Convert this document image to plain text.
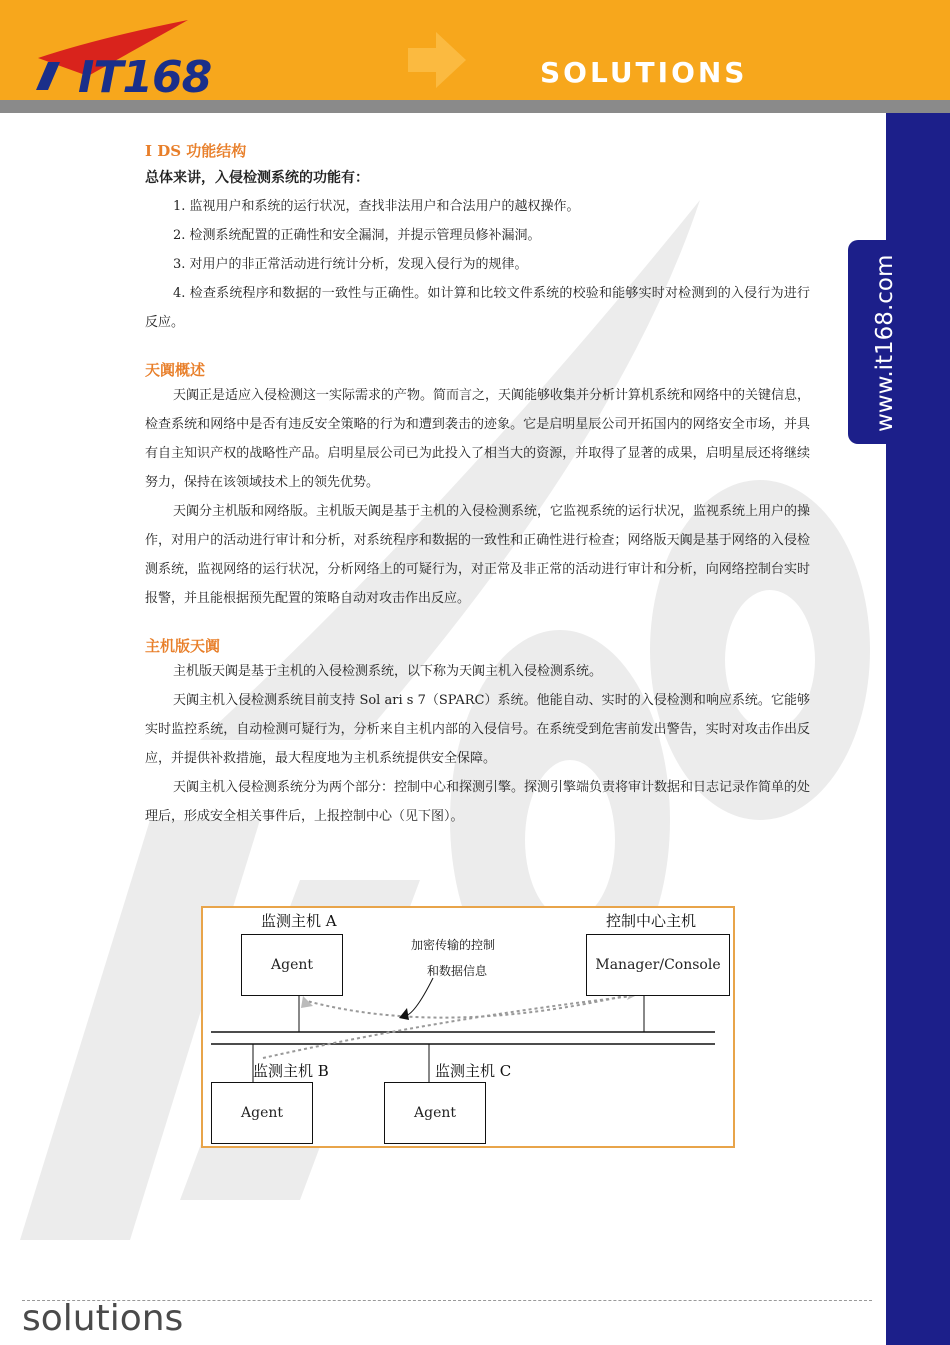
IT168	SOLUTIONS
www.it168.com
I DS 功能结构
总体来讲，入侵检测系统的功能有：

1. 监视用户和系统的运行状况，查找非法用户和合法用户的越权操作。

2. 检测系统配置的正确性和安全漏洞，并提示管理员修补漏洞。

3. 对用户的非正常活动进行统计分析，发现入侵行为的规律。

4. 检查系统程序和数据的一致性与正确性。如计算和比较文件系统的校验和能够实时对检测到的入侵行为进行反应。

天阗概述

天阗正是适应入侵检测这一实际需求的产物。简而言之，天阗能够收集并分析计算机系统和网络中的关键信息，检查系统和网络中是否有违反安全策略的行为和遭到袭击的迹象。它是启明星辰公司开拓国内的网络安全市场，并具有自主知识产权的战略性产品。启明星辰公司已为此投入了相当大的资源，并取得了显著的成果，启明星辰还将继续努力，保持在该领域技术上的领先优势。

天阗分主机版和网络版。主机版天阗是基于主机的入侵检测系统，它监视系统的运行状况，监视系统上用户的操作，对用户的活动进行审计和分析，对系统程序和数据的一致性和正确性进行检查；网络版天阗是基于网络的入侵检测系统，监视网络的运行状况，分析网络上的可疑行为，对正常及非正常的活动进行审计和分析，向网络控制台实时报警，并且能根据预先配置的策略自动对攻击作出反应。

主机版天阗

主机版天阗是基于主机的入侵检测系统，以下称为天阗主机入侵检测系统。

天阗主机入侵检测系统目前支持 Sol ari s 7（SPARC）系统。他能自动、实时的入侵检测和响应系统。它能够实时监控系统，自动检测可疑行为，分析来自主机内部的入侵信号。在系统受到危害前发出警告，实时对攻击作出反应，并提供补救措施，最大程度地为主机系统提供安全保障。

天阗主机入侵检测系统分为两个部分：控制中心和探测引擎。探测引擎端负责将审计数据和日志记录作简单的处理后，形成安全相关事件后，上报控制中心（见下图）。

监测主机 A
Agent
控制中心主机
Manager/Console
加密传输的控制
和数据信息
监测主机 B
Agent
监测主机 C
Agent
solutions
